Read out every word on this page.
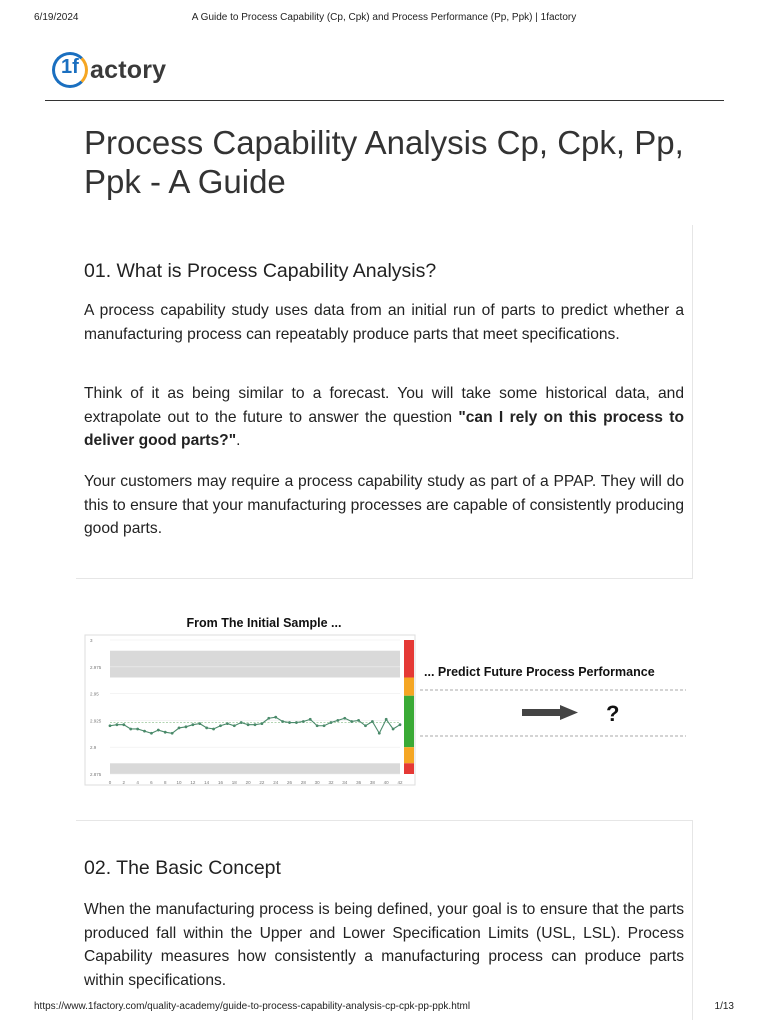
6/19/2024	A Guide to Process Capability (Cp, Cpk) and Process Performance (Pp, Ppk) | 1factory
1f actory
Process Capability Analysis Cp, Cpk, Pp, Ppk - A Guide
01. What is Process Capability Analysis?

A process capability study uses data from an initial run of parts to predict whether a manufacturing process can repeatably produce parts that meet specifications.

Think of it as being similar to a forecast. You will take some historical data, and extrapolate out to the future to answer the question "can I rely on this process to deliver good parts?".

Your customers may require a process capability study as part of a PPAP. They will do this to ensure that your manufacturing processes are capable of consistently producing good parts.

From The Initial Sample ...
3
2.975
2.95
2.925
2.9
2.875
0	2	4	6	8 10 12 14 16 18 20 22 24 26 28 30 32 34 36 38 40 42
... Predict Future Process Performance
?
02. The Basic Concept

When the manufacturing process is being defined, your goal is to ensure that the parts produced fall within the Upper and Lower Specification Limits (USL, LSL). Process Capability measures how consistently a manufacturing process can produce parts within specifications.

https://www.1factory.com/quality-academy/guide-to-process-capability-analysis-cp-cpk-pp-ppk.html	1/13
